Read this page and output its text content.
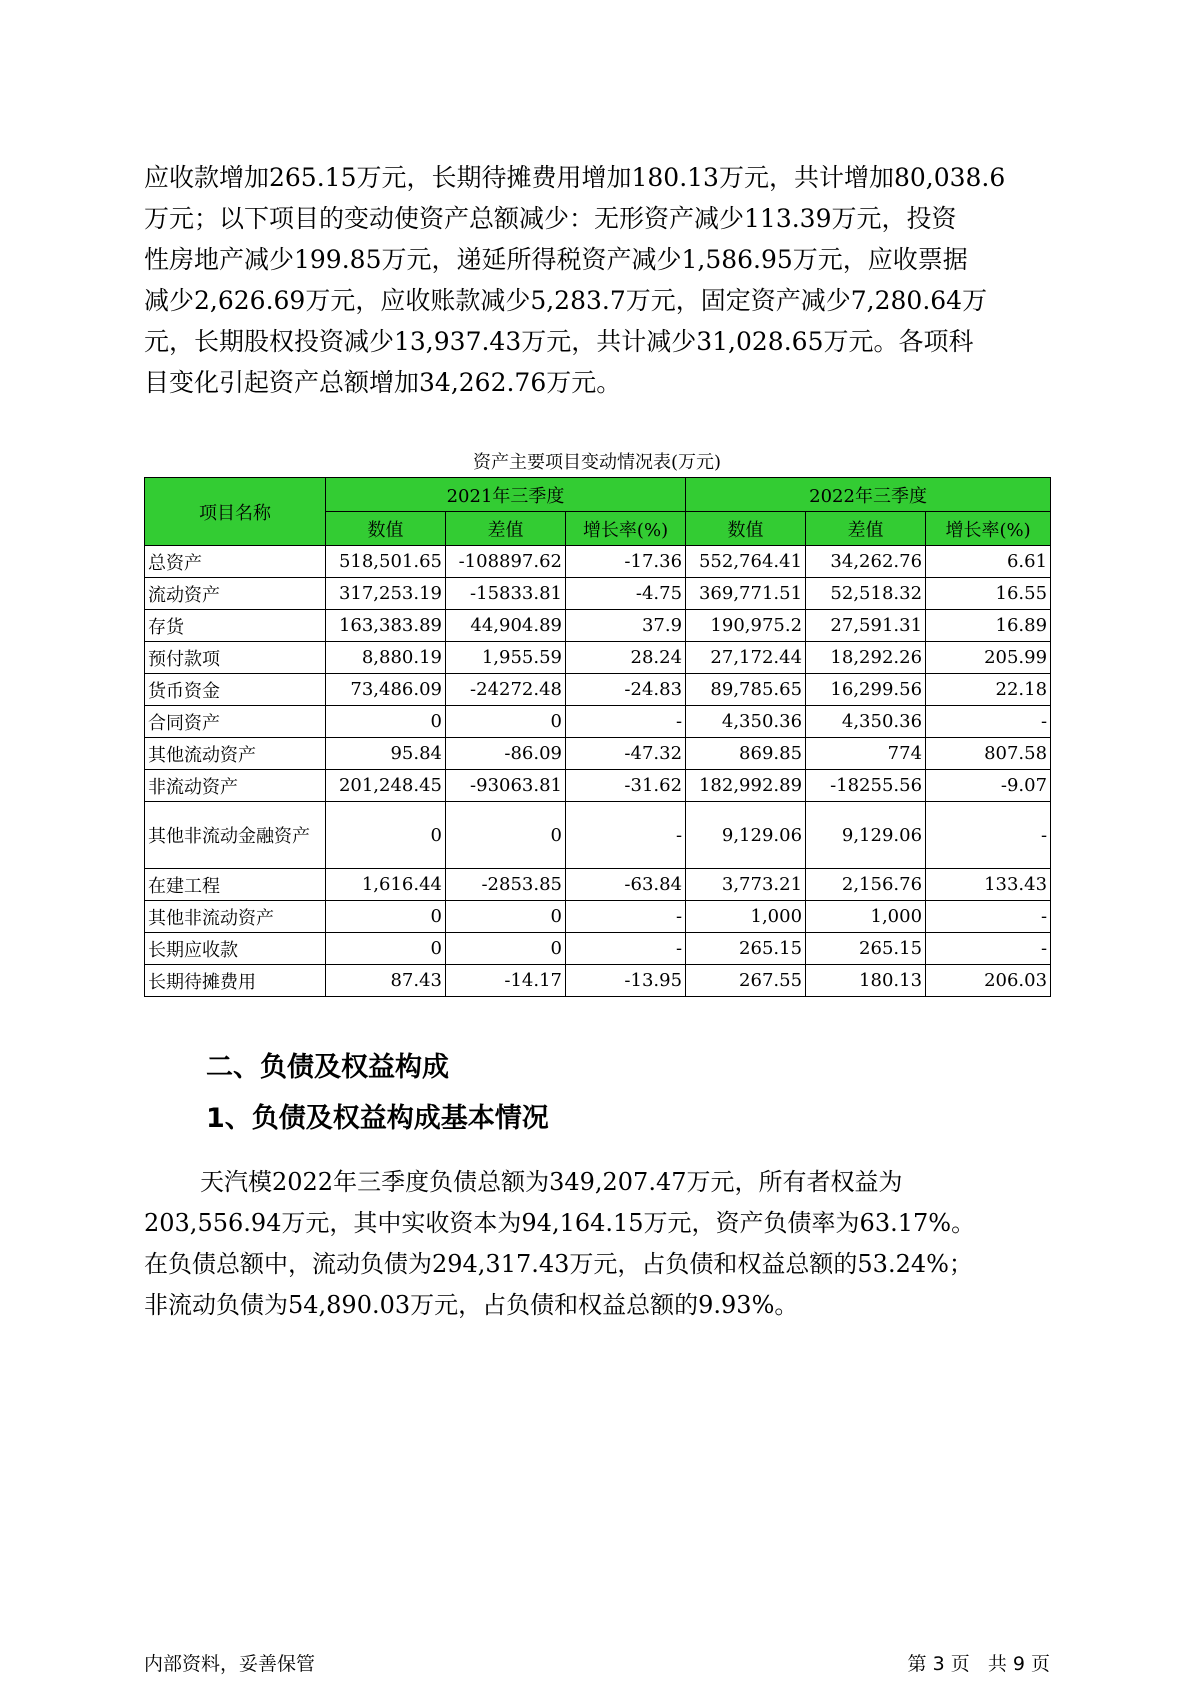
应收款增加265.15万元，长期待摊费用增加180.13万元，共计增加80,038.6

万元；以下项目的变动使资产总额减少：无形资产减少113.39万元，投资

性房地产减少199.85万元，递延所得税资产减少1,586.95万元，应收票据

减少2,626.69万元，应收账款减少5,283.7万元，固定资产减少7,280.64万

元，长期股权投资减少13,937.43万元，共计减少31,028.65万元。各项科

目变化引起资产总额增加34,262.76万元。

资产主要项目变动情况表(万元)
项目名称	2021年三季度			2022年三季度		
	数值	差值	增长率(%)	数值	差值	增长率(%)
总资产	518,501.65	-108897.62	-17.36	552,764.41	34,262.76	6.61
流动资产	317,253.19	-15833.81	-4.75	369,771.51	52,518.32	16.55
存货	163,383.89	44,904.89	37.9	190,975.2	27,591.31	16.89
预付款项	8,880.19	1,955.59	28.24	27,172.44	18,292.26	205.99
货币资金	73,486.09	-24272.48	-24.83	89,785.65	16,299.56	22.18
合同资产	0	0	-	4,350.36	4,350.36	-
其他流动资产	95.84	-86.09	-47.32	869.85	774	807.58
非流动资产	201,248.45	-93063.81	-31.62	182,992.89	-18255.56	-9.07
其他非流动金融资产	0	0	-	9,129.06	9,129.06	-
在建工程	1,616.44	-2853.85	-63.84	3,773.21	2,156.76	133.43
其他非流动资产	0	0	-	1,000	1,000	-
长期应收款	0	0	-	265.15	265.15	-
长期待摊费用	87.43	-14.17	-13.95	267.55	180.13	206.03
二、负债及权益构成
1、负债及权益构成基本情况

天汽模2022年三季度负债总额为349,207.47万元，所有者权益为

203,556.94万元，其中实收资本为94,164.15万元，资产负债率为63.17%。

在负债总额中，流动负债为294,317.43万元，占负债和权益总额的53.24%；

非流动负债为54,890.03万元，占负债和权益总额的9.93%。

内部资料，妥善保管	第 3 页   共 9 页
